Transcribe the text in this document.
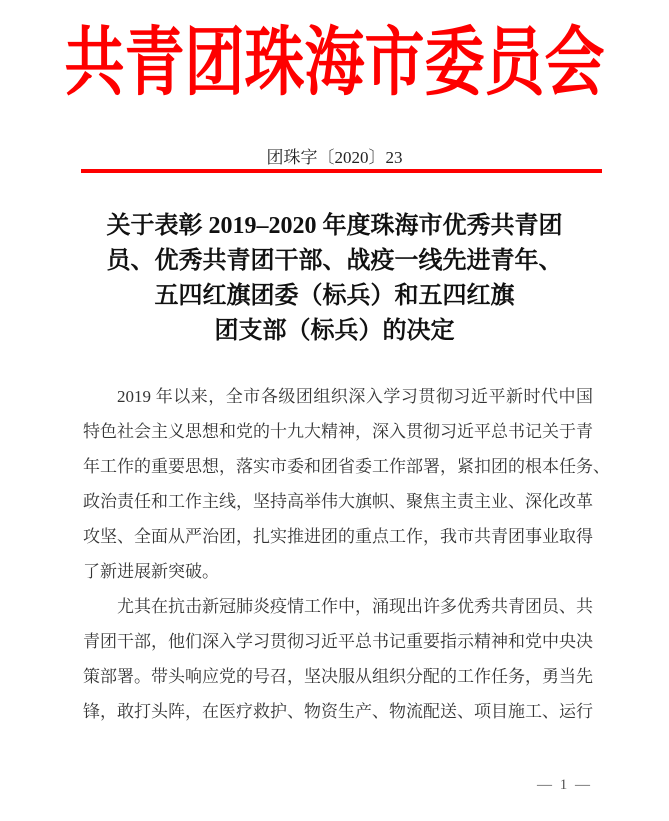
共青团珠海市委员会
团珠字〔2020〕23
关于表彰 2019–2020 年度珠海市优秀共青团
员、优秀共青团干部、战疫一线先进青年、
五四红旗团委（标兵）和五四红旗
团支部（标兵）的决定
2019 年以来，全市各级团组织深入学习贯彻习近平新时代中国
特色社会主义思想和党的十九大精神，深入贯彻习近平总书记关于青
年工作的重要思想，落实市委和团省委工作部署，紧扣团的根本任务、
政治责任和工作主线，坚持高举伟大旗帜、聚焦主责主业、深化改革
攻坚、全面从严治团，扎实推进团的重点工作，我市共青团事业取得
了新进展新突破。
尤其在抗击新冠肺炎疫情工作中，涌现出许多优秀共青团员、共
青团干部，他们深入学习贯彻习近平总书记重要指示精神和党中央决
策部署。带头响应党的号召，坚决服从组织分配的工作任务，勇当先
锋，敢打头阵，在医疗救护、物资生产、物流配送、项目施工、运行
— 1 —
